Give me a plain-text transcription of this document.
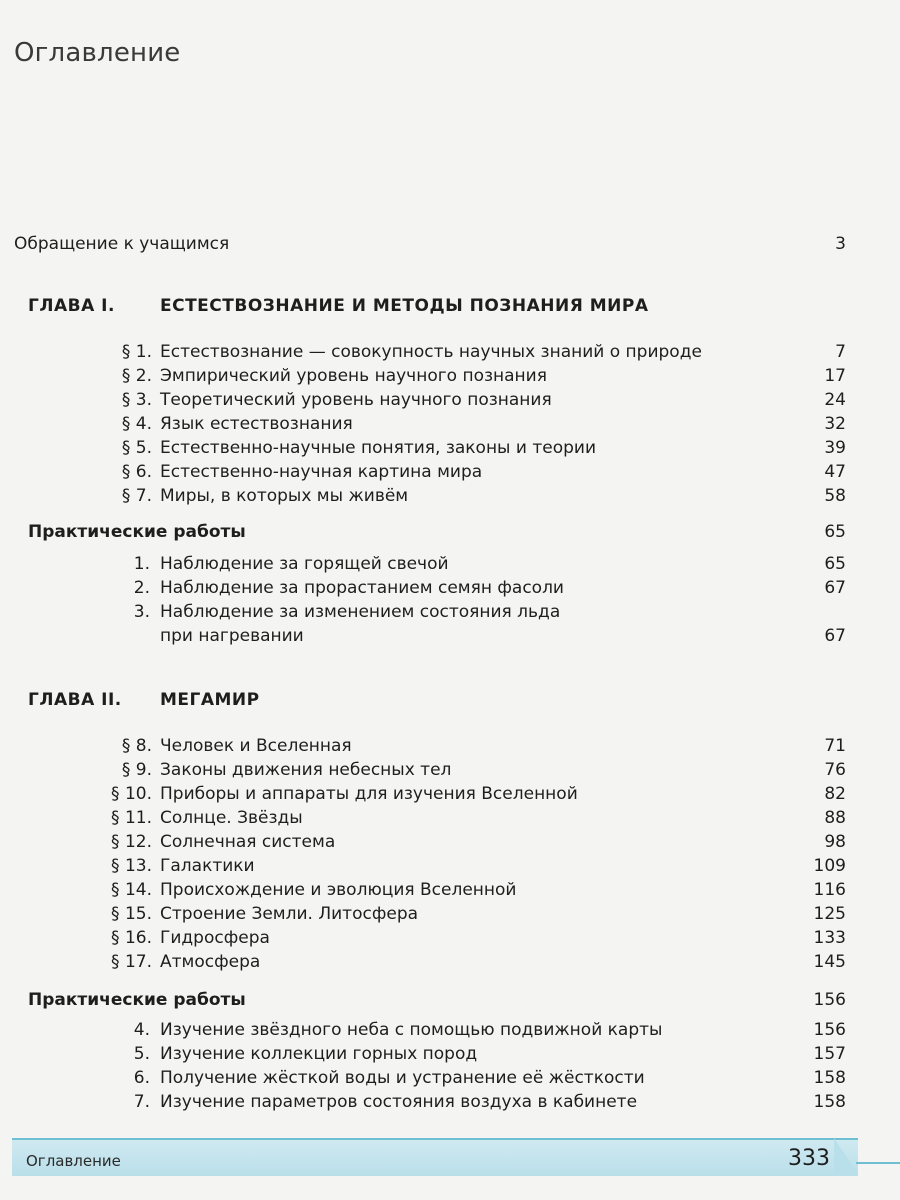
Оглавление
Обращение к учащимся	3
ГЛАВА I.	ЕСТЕСТВОЗНАНИЕ И МЕТОДЫ ПОЗНАНИЯ МИРА
§ 1. Естествознание — совокупность научных знаний о природе	7
§ 2. Эмпирический уровень научного познания	17
§ 3. Теоретический уровень научного познания	24
§ 4. Язык естествознания	32
§ 5. Естественно-научные понятия, законы и теории	39
§ 6. Естественно-научная картина мира	47
§ 7. Миры, в которых мы живём	58
Практические работы	65
1. Наблюдение за горящей свечой	65
2. Наблюдение за прорастанием семян фасоли	67
3. Наблюдение за изменением состояния льда
при нагревании	67
ГЛАВА II. МЕГАМИР
§ 8. Человек и Вселенная	71
§ 9. Законы движения небесных тел	76
§ 10. Приборы и аппараты для изучения Вселенной	82
§ 11. Солнце. Звёзды	88
§ 12. Солнечная система	98
§ 13. Галактики	109
§ 14. Происхождение и эволюция Вселенной	116
§ 15. Строение Земли. Литосфера	125
§ 16. Гидросфера	133
§ 17. Атмосфера	145
Практические работы	156
4. Изучение звёздного неба с помощью подвижной карты	156
5. Изучение коллекции горных пород	157
6. Получение жёсткой воды и устранение её жёсткости	158
7. Изучение параметров состояния воздуха в кабинете	158
Оглавление	333
